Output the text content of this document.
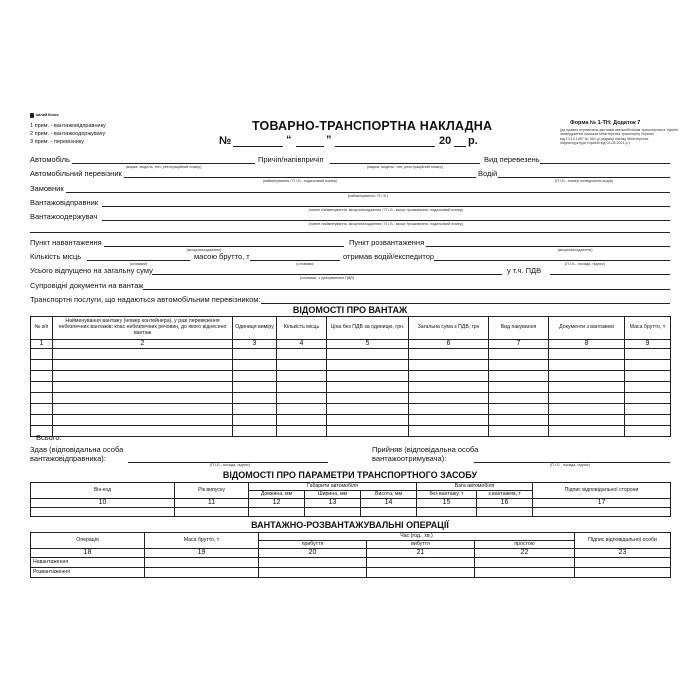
малий бізнес
1 прим. - вантажовідправнику
2 прим. - вантажоодержувачу
3 прим. - перевізнику
ТОВАРНО-ТРАНСПОРТНА НАКЛАДНА
№	“	”	20 р.
Форма № 1-ТН; Додаток 7
(до правил перевезень вантажів автомобільним транспортом в Україні,
затверджених наказом Міністерства транспорту України
від 14.10.1997 № 363 (у редакції наказу Міністерства
інфраструктури України від 03.08.2021 р.)
Автомобіль
(марка, модель, тип, реєстраційний номер)
Причіп/напівпричіп
(марка, модель, тип, реєстраційний номер)
Вид перевезень
Автомобільний перевізник
(найменування / П.І.Б., податковий номер)
Водій
(П.І.Б., номер посвідчення водія)
Замовник
(найменування / П.І.Б.)
Вантажовідправник
(повне найменування, місцезнаходження / П.І.Б., місце проживання, податковий номер)
Вантажоодержувач
(повне найменування, місцезнаходження / П.І.Б., місце проживання, податковий номер)
Пункт навантаження
(місцезнаходження)
Пункт розвантаження
(місцезнаходження)
Кількість місць
(словами)
масою брутто, т
(словами)
отримав водій/експедитор
(П.І.Б., посада, підпис)
Усього відпущено на загальну суму
(словами, з урахуванням ПДВ)
у т.ч. ПДВ
Супровідні документи на вантаж
Транспортні послуги, що надаються автомобільним перевізником:
ВІДОМОСТІ ПРО ВАНТАЖ
№ з/п	Найменування вантажу (номер контейнера), у разі перевезення небезпечних вантажів: клас небезпечних речовин, до якого віднесено вантаж	Одиниця виміру	Кількість місць	Ціна без ПДВ за одиницю, грн.	Загальна сума з ПДВ, грн	Вид пакування	Документи з вантажем	Маса брутто, т
1	2	3	4	5	6	7	8	9

Всього:
Здав (відповідальна особа вантажовідправника):
(П.І.Б., посада, підпис)
Прийняв (відповідальна особа вантажоотримувача):
(П.І.Б., посада, підпис)
ВІДОМОСТІ ПРО ПАРАМЕТРИ ТРАНСПОРТНОГО ЗАСОБУ
Він-код	Рік випуску	Габарити автомобіля			Вага автомобіля		Підпис відповідальної сторони
		Довжина, мм	Ширина, мм	Висота, мм	без вантажу, т	з вантажем, т	
10	11	12	13	14	15	16	17

ВАНТАЖНО-РОЗВАНТАЖУВАЛЬНІ ОПЕРАЦІЇ
Операція	Маса брутто, т	Час (год., хв.)			Підпис відповідальної особи
		прибуття	вибуття	простою	
18	19	20	21	22	23
Навантаження					
Розвантаження					
